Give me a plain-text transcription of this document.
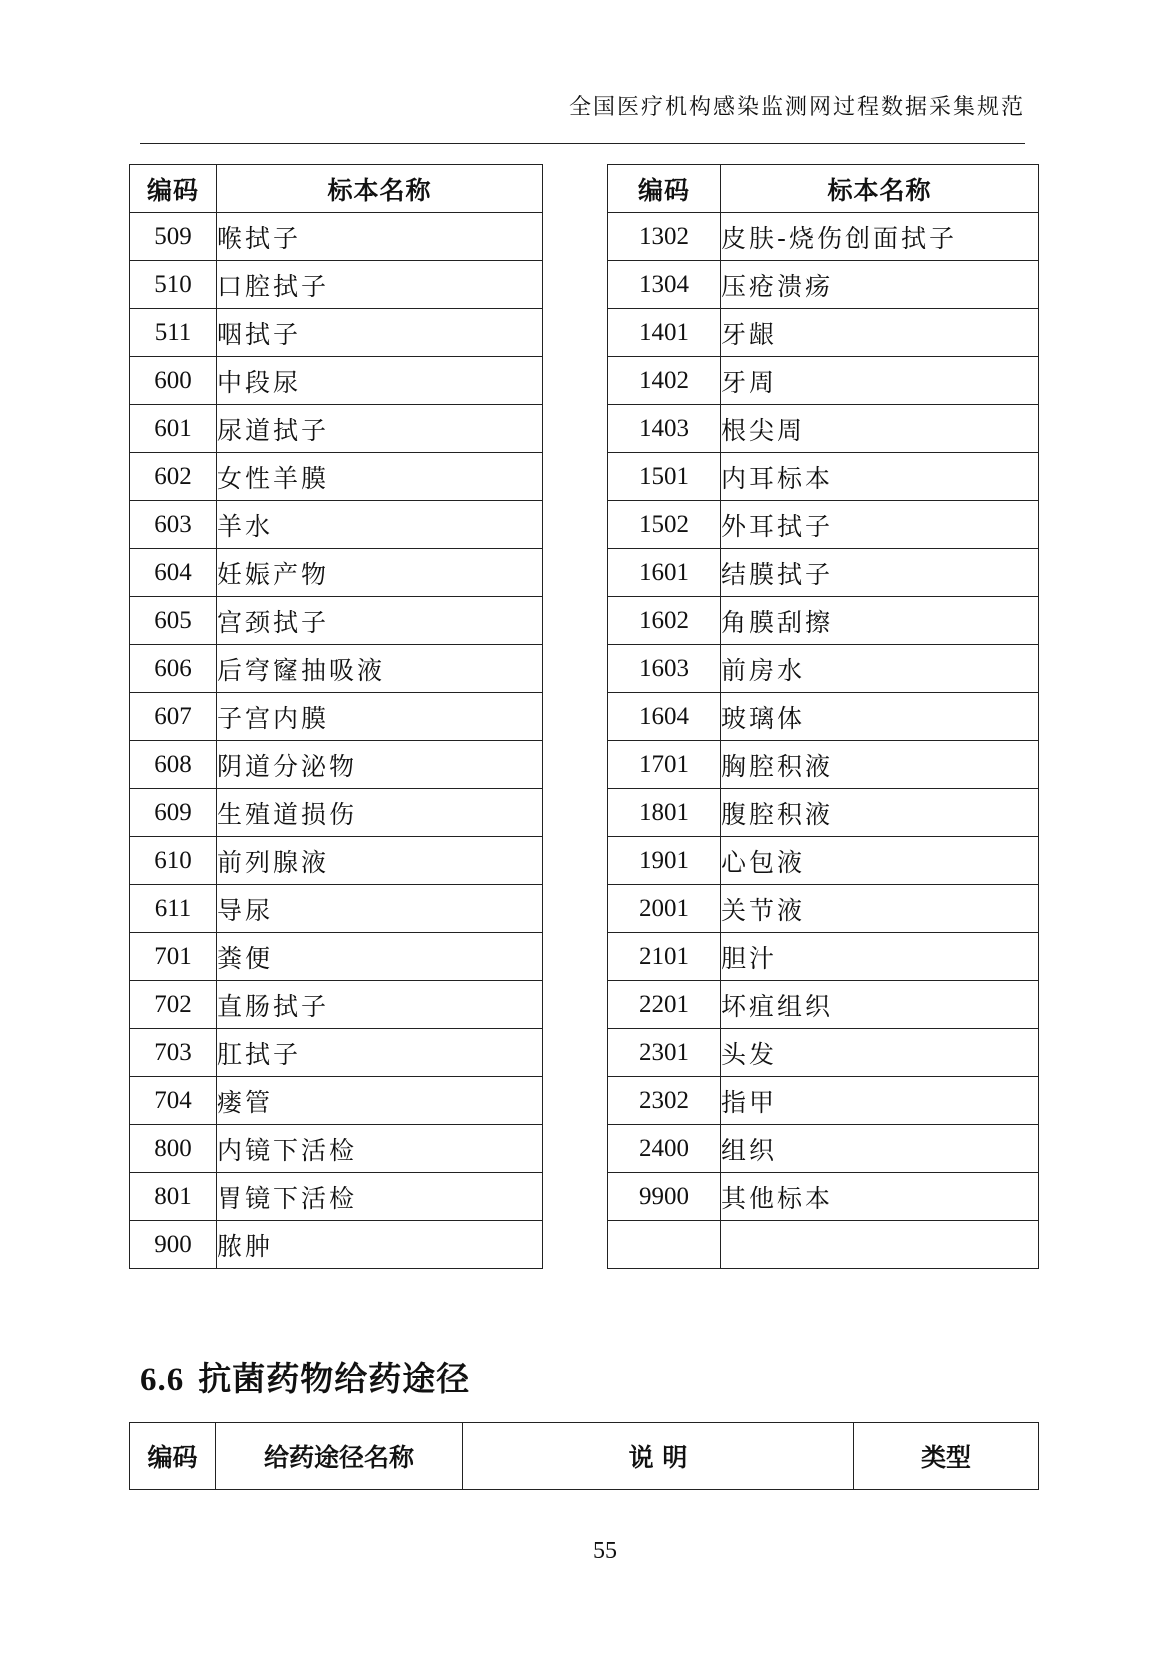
全国医疗机构感染监测网过程数据采集规范
编码	标本名称
509	喉拭子
510	口腔拭子
511	咽拭子
600	中段尿
601	尿道拭子
602	女性羊膜
603	羊水
604	妊娠产物
605	宫颈拭子
606	后穹窿抽吸液
607	子宫内膜
608	阴道分泌物
609	生殖道损伤
610	前列腺液
611	导尿
701	粪便
702	直肠拭子
703	肛拭子
704	瘘管
800	内镜下活检
801	胃镜下活检
900	脓肿
编码	标本名称
1302	皮肤-烧伤创面拭子
1304	压疮溃疡
1401	牙龈
1402	牙周
1403	根尖周
1501	内耳标本
1502	外耳拭子
1601	结膜拭子
1602	角膜刮擦
1603	前房水
1604	玻璃体
1701	胸腔积液
1801	腹腔积液
1901	心包液
2001	关节液
2101	胆汁
2201	坏疽组织
2301	头发
2302	指甲
2400	组织
9900	其他标本

6.6 抗菌药物给药途径
编码	给药途径名称	说 明	类型
55
